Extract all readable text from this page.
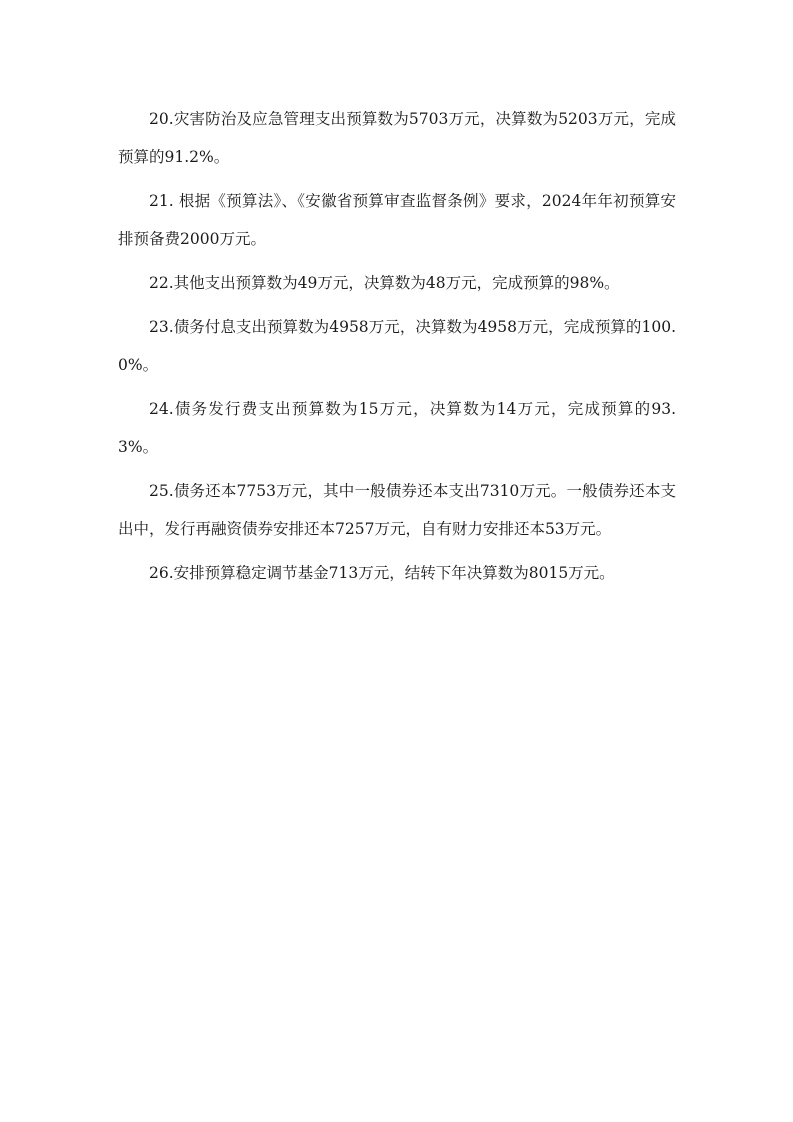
20.灾害防治及应急管理支出预算数为5703万元，决算数为5203万元，完成预算的91.2%。

21. 根据《预算法》、《安徽省预算审查监督条例》要求，2024年年初预算安排预备费2000万元。

22.其他支出预算数为49万元，决算数为48万元，完成预算的98%。

23.债务付息支出预算数为4958万元，决算数为4958万元，完成预算的100.0%。

24.债务发行费支出预算数为15万元，决算数为14万元，完成预算的93.3%。

25.债务还本7753万元，其中一般债券还本支出7310万元。一般债券还本支出中，发行再融资债券安排还本7257万元，自有财力安排还本53万元。

26.安排预算稳定调节基金713万元，结转下年决算数为8015万元。
